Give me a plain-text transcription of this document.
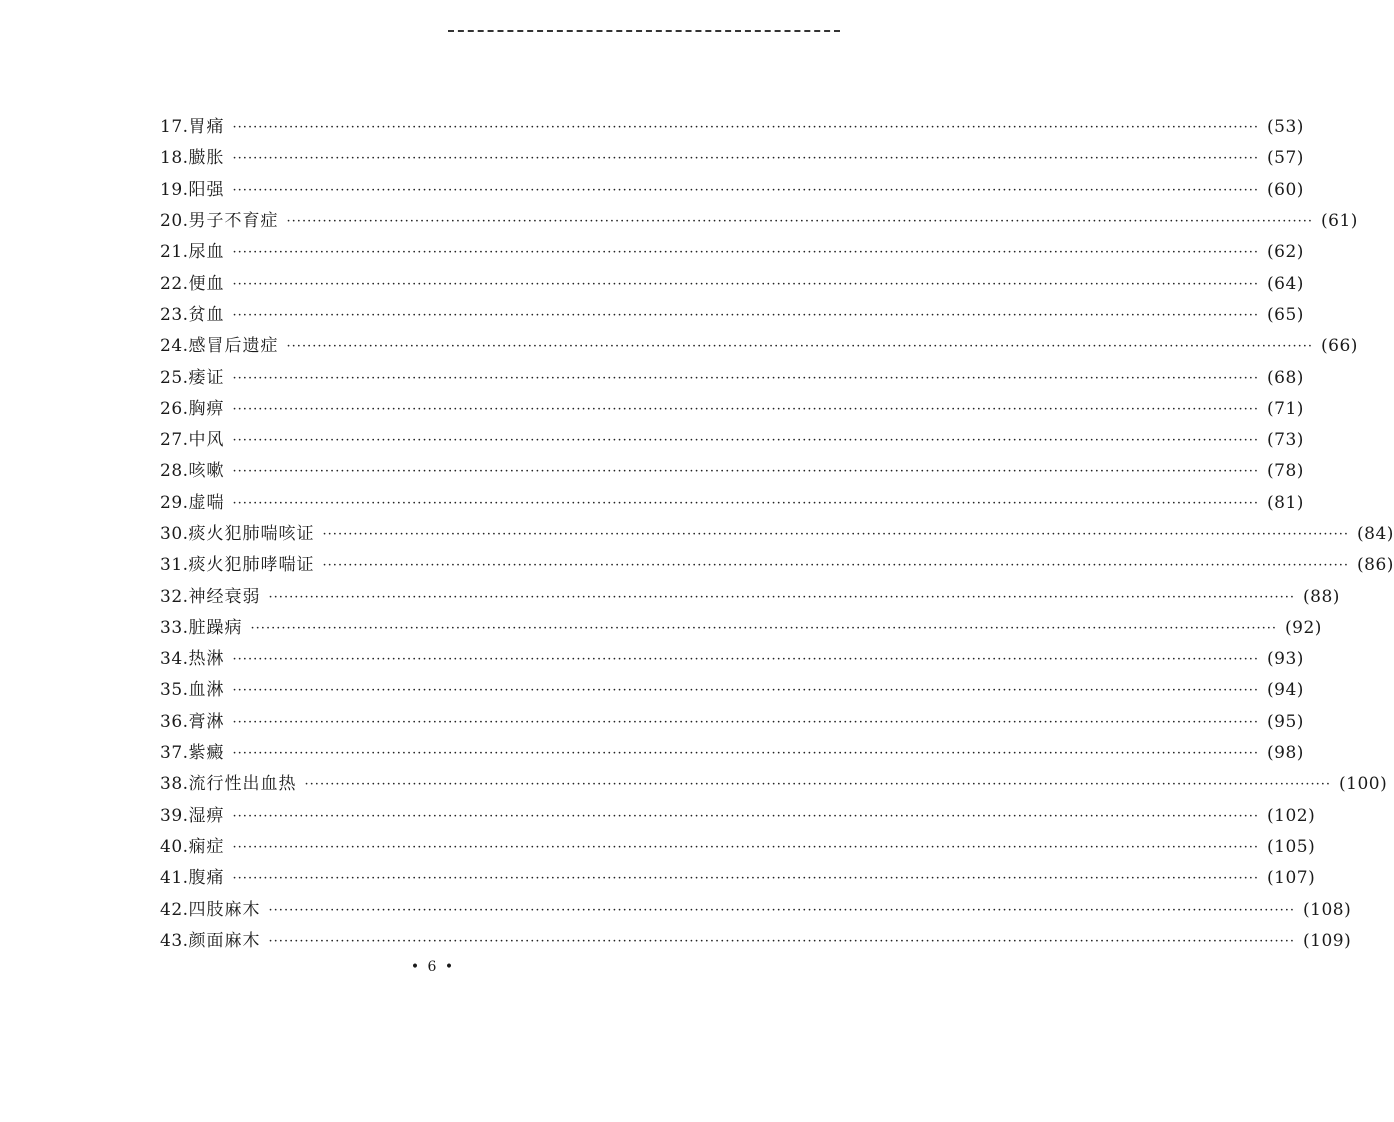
17. 胃痛 ········································································································································································································ (53)
18. 臌胀 ········································································································································································································ (57)
19. 阳强 ········································································································································································································ (60)
20. 男子不育症 ········································································································································································································ (61)
21. 尿血 ········································································································································································································ (62)
22. 便血 ········································································································································································································ (64)
23. 贫血 ········································································································································································································ (65)
24. 感冒后遗症 ········································································································································································································ (66)
25. 痿证 ········································································································································································································ (68)
26. 胸痹 ········································································································································································································ (71)
27. 中风 ········································································································································································································ (73)
28. 咳嗽 ········································································································································································································ (78)
29. 虚喘 ········································································································································································································ (81)
30. 痰火犯肺喘咳证 ········································································································································································································ (84)
31. 痰火犯肺哮喘证 ········································································································································································································ (86)
32. 神经衰弱 ········································································································································································································ (88)
33. 脏躁病 ········································································································································································································ (92)
34. 热淋 ········································································································································································································ (93)
35. 血淋 ········································································································································································································ (94)
36. 膏淋 ········································································································································································································ (95)
37. 紫癜 ········································································································································································································ (98)
38. 流行性出血热 ········································································································································································································ (100)
39. 湿痹 ········································································································································································································ (102)
40. 痫症 ········································································································································································································ (105)
41. 腹痛 ········································································································································································································ (107)
42. 四肢麻木 ········································································································································································································ (108)
43. 颜面麻木 ········································································································································································································ (109)
• 6 •
